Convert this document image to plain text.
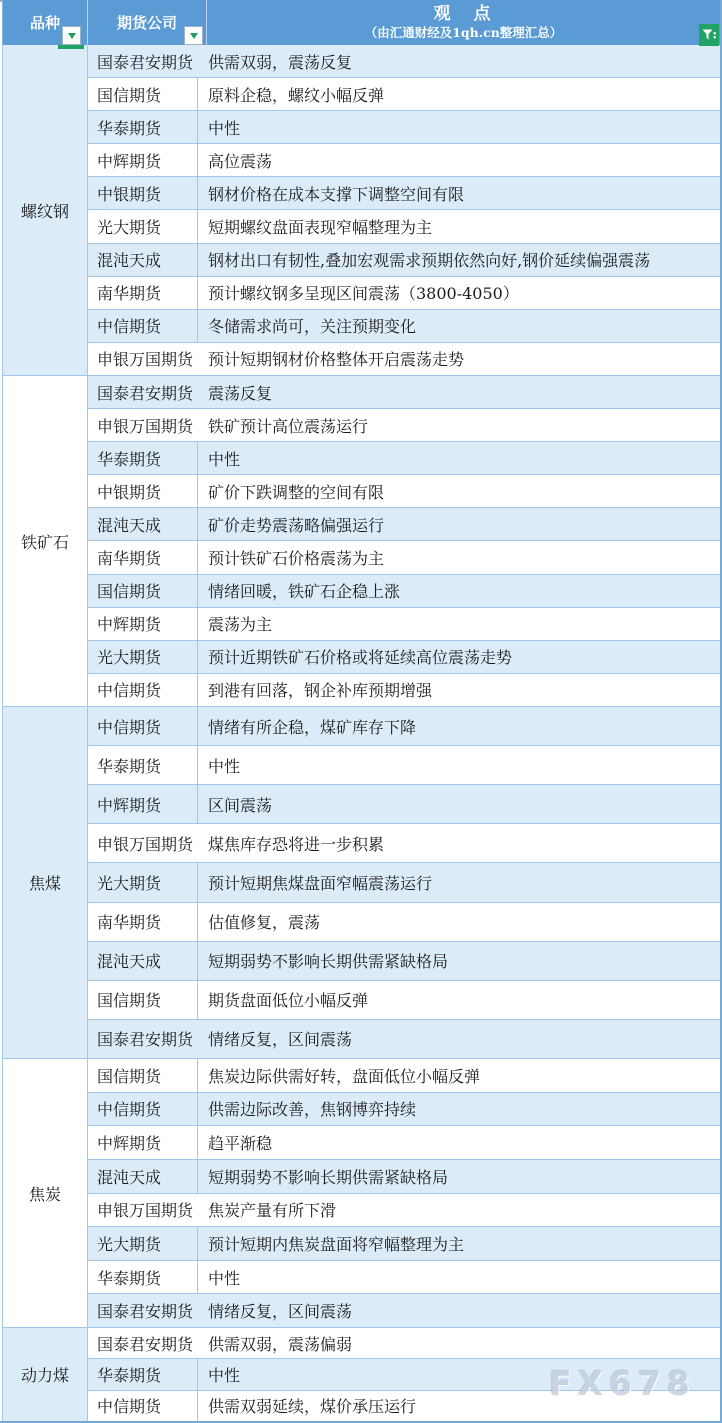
品种	期货公司	观　点
（由汇通财经及1qh.cn整理汇总）
螺纹钢
国泰君安期货 供需双弱，震荡反复
国信期货	原料企稳，螺纹小幅反弹
华泰期货	中性
中辉期货	高位震荡
中银期货	钢材价格在成本支撑下调整空间有限
光大期货	短期螺纹盘面表现窄幅整理为主
混沌天成	钢材出口有韧性,叠加宏观需求预期依然向好,钢价延续偏强震荡
南华期货	预计螺纹钢多呈现区间震荡（3800-4050）
中信期货	冬储需求尚可，关注预期变化
申银万国期货 预计短期钢材价格整体开启震荡走势
铁矿石
国泰君安期货 震荡反复
申银万国期货 铁矿预计高位震荡运行
华泰期货	中性
中银期货	矿价下跌调整的空间有限
混沌天成	矿价走势震荡略偏强运行
南华期货	预计铁矿石价格震荡为主
国信期货	情绪回暖，铁矿石企稳上涨
中辉期货	震荡为主
光大期货	预计近期铁矿石价格或将延续高位震荡走势
中信期货	到港有回落，钢企补库预期增强
焦煤
中信期货	情绪有所企稳，煤矿库存下降
华泰期货	中性
中辉期货	区间震荡
申银万国期货 煤焦库存恐将进一步积累
光大期货	预计短期焦煤盘面窄幅震荡运行
南华期货	估值修复，震荡
混沌天成	短期弱势不影响长期供需紧缺格局
国信期货	期货盘面低位小幅反弹
国泰君安期货 情绪反复，区间震荡
焦炭
国信期货	焦炭边际供需好转，盘面低位小幅反弹
中信期货	供需边际改善，焦钢博弈持续
中辉期货	趋平渐稳
混沌天成	短期弱势不影响长期供需紧缺格局
申银万国期货 焦炭产量有所下滑
光大期货	预计短期内焦炭盘面将窄幅整理为主
华泰期货	中性
国泰君安期货 情绪反复，区间震荡
动力煤
国泰君安期货 供需双弱，震荡偏弱
华泰期货	中性
中信期货	供需双弱延续，煤价承压运行
FX678
